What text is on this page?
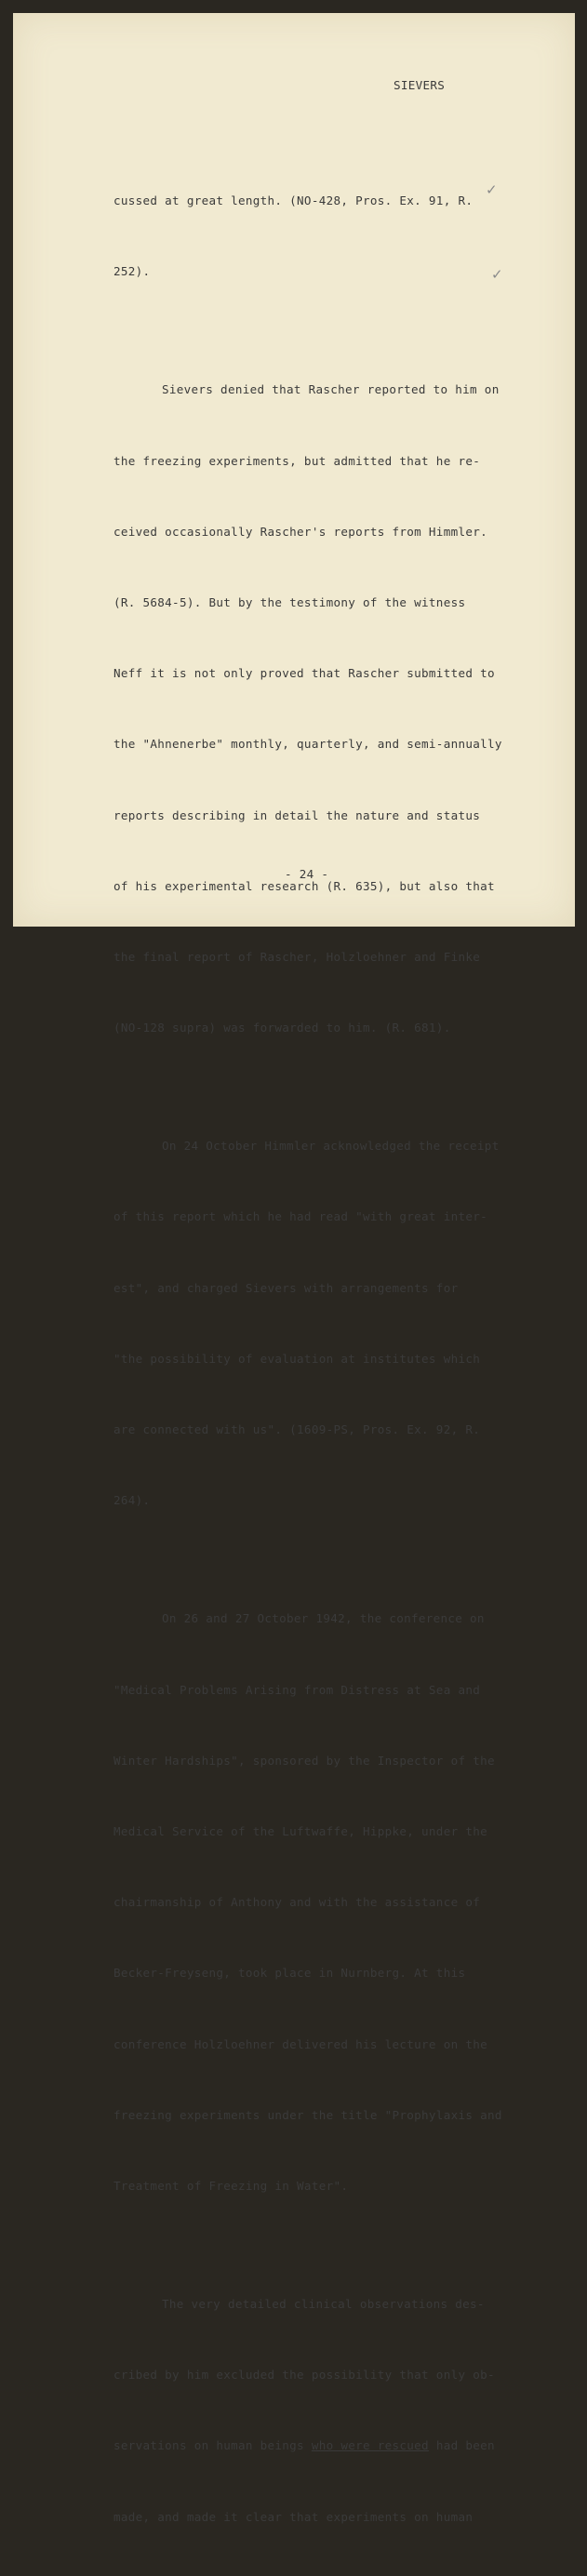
SIEVERS
✓
✓

cussed at great length. (NO-428, Pros. Ex. 91, R.

252).

Sievers denied that Rascher reported to him on

the freezing experiments, but admitted that he re-

ceived occasionally Rascher's reports from Himmler.

(R. 5684-5). But by the testimony of the witness

Neff it is not only proved that Rascher submitted to

the "Ahnenerbe" monthly, quarterly, and semi-annually

reports describing in detail the nature and status

of his experimental research (R. 635), but also that

the final report of Rascher, Holzloehner and Finke

(NO-128 supra) was forwarded to him. (R. 681).

On 24 October Himmler acknowledged the receipt

of this report which he had read "with great inter-

est", and charged Sievers with arrangements for

"the possibility of evaluation at institutes which

are connected with us". (1609-PS, Pros. Ex. 92, R.

264).

On 26 and 27 October 1942, the conference on

"Medical Problems Arising from Distress at Sea and

Winter Hardships", sponsored by the Inspector of the

Medical Service of the Luftwaffe, Hippke, under the

chairmanship of Anthony and with the assistance of

Becker-Freyseng, took place in Nurnberg. At this

conference Holzloehner delivered his lecture on the

freezing experiments under the title "Prophylaxis and

Treatment of Freezing in Water".

The very detailed clinical observations des-

cribed by him excluded the possibility that only ob-

servations on human beings who were rescued had been

made, and made it clear that experiments on human

- 24 -
